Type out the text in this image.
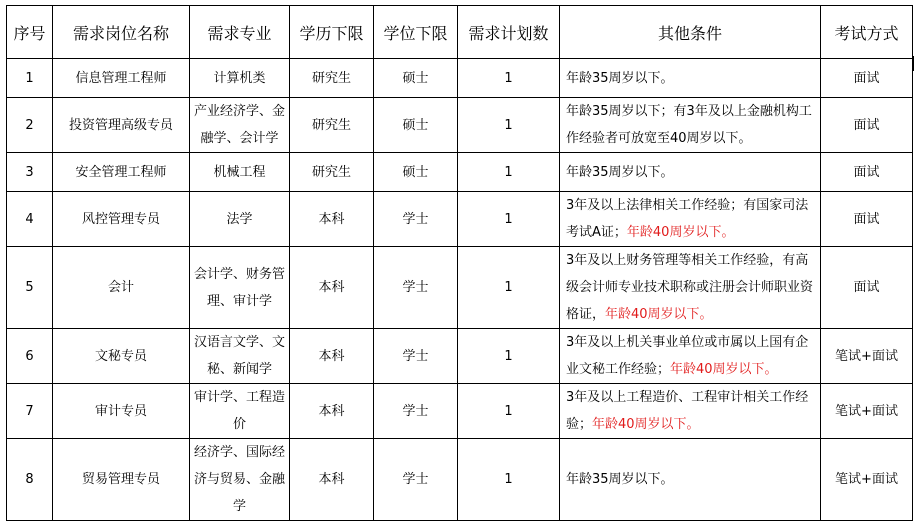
序号	需求岗位名称	需求专业	学历下限	学位下限	需求计划数	其他条件	考试方式
1	信息管理工程师	计算机类	研究生	硕士	1	年龄35周岁以下。	面试
2	投资管理高级专员	产业经济学、金融学、会计学	研究生	硕士	1	年龄35周岁以下；有3年及以上金融机构工作经验者可放宽至40周岁以下。	面试
3	安全管理工程师	机械工程	研究生	硕士	1	年龄35周岁以下。	面试
4	风控管理专员	法学	本科	学士	1	3年及以上法律相关工作经验；有国家司法考试A证；年龄40周岁以下。	面试
5	会计	会计学、财务管理、审计学	本科	学士	1	3年及以上财务管理等相关工作经验，有高级会计师专业技术职称或注册会计师职业资格证，年龄40周岁以下。	面试
6	文秘专员	汉语言文学、文秘、新闻学	本科	学士	1	3年及以上机关事业单位或市属以上国有企业文秘工作经验；年龄40周岁以下。	笔试+面试
7	审计专员	审计学、工程造价	本科	学士	1	3年及以上工程造价、工程审计相关工作经验；年龄40周岁以下。	笔试+面试
8	贸易管理专员	经济学、国际经济与贸易、金融学	本科	学士	1	年龄35周岁以下。	笔试+面试
